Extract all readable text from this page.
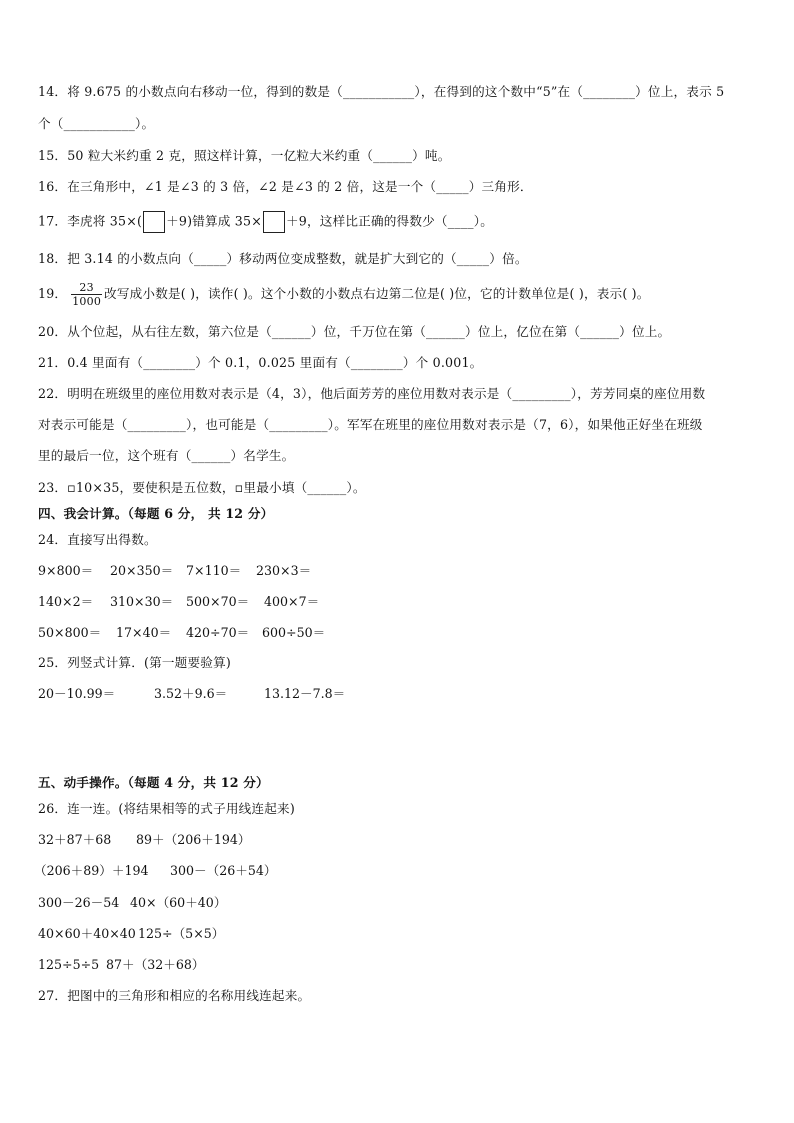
14．将 9.675 的小数点向右移动一位，得到的数是（___________），在得到的这个数中“5”在（________）位上，表示 5
个（___________）。
15．50 粒大米约重 2 克，照这样计算，一亿粒大米约重（______）吨。
16．在三角形中，∠1 是∠3 的 3 倍，∠2 是∠3 的 2 倍，这是一个（_____）三角形．
17．李虎将 35×( ＋9)错算成 35× ＋9，这样比正确的得数少（____）。
18．把 3.14 的小数点向（_____）移动两位变成整数，就是扩大到它的（_____）倍。
19． $\frac{23}{1000}$ 改写成小数是( )，读作( )。这个小数的小数点右边第二位是( )位，它的计数单位是( )，表示( )。
20．从个位起，从右往左数，第六位是（______）位，千万位在第（______）位上，亿位在第（______）位上。
21．0.4 里面有（________）个 0.1，0.025 里面有（________）个 0.001。
22．明明在班级里的座位用数对表示是（4，3），他后面芳芳的座位用数对表示是（_________），芳芳同桌的座位用数
对表示可能是（_________），也可能是（_________）。军军在班里的座位用数对表示是（7，6），如果他正好坐在班级
里的最后一位，这个班有（______）名学生。
23．▫10×35，要使积是五位数，▫里最小填（______）。
四、我会计算。（每题 6 分， 共 12 分）
24．直接写出得数。
9×800＝ 20×350＝ 7×110＝ 230×3＝
140×2＝ 310×30＝ 500×70＝ 400×7＝
50×800＝ 17×40＝ 420÷70＝ 600÷50＝
25．列竖式计算．(第一题要验算)
20－10.99＝	3.52＋9.6＝	13.12－7.8＝
五、动手操作。（每题 4 分，共 12 分）
26．连一连。(将结果相等的式子用线连起来)
32＋87＋68 89＋（206＋194）
（206＋89）＋194 300－（26＋54）
300－26－54 40×（60＋40）
40×60＋40×40 125÷（5×5）
125÷5÷5 87＋（32＋68）
27．把图中的三角形和相应的名称用线连起来。
